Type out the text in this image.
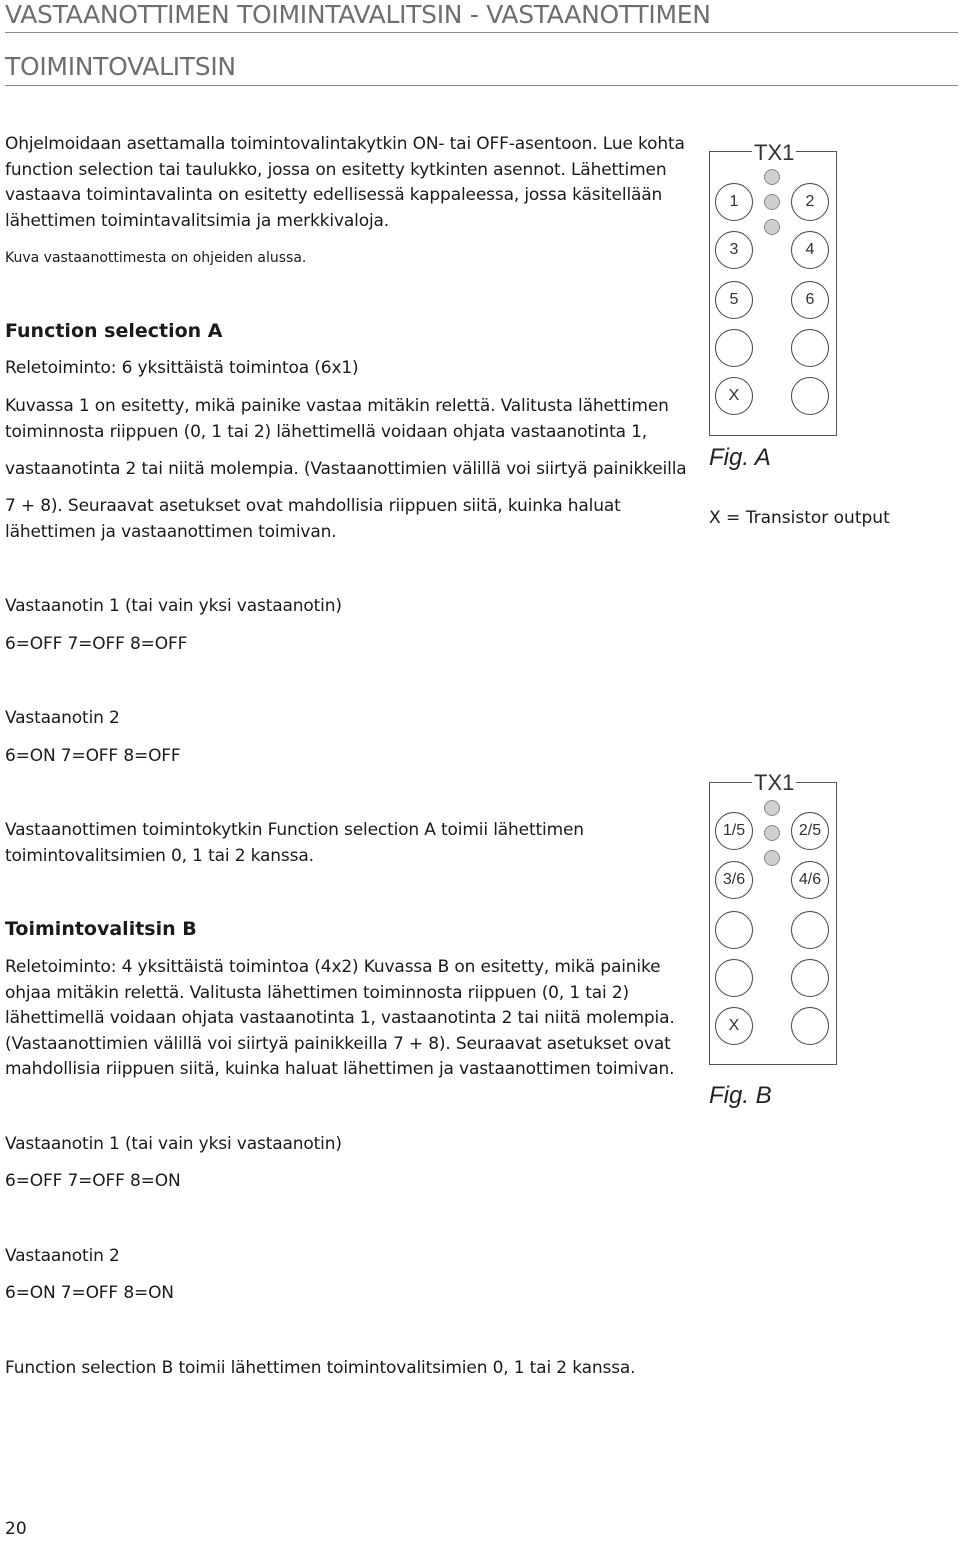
VASTAANOTTIMEN TOIMINTAVALITSIN - VASTAANOTTIMEN
TOIMINTOVALITSIN
Ohjelmoidaan asettamalla toimintovalintakytkin ON- tai OFF-asentoon. Lue kohta
function selection tai taulukko, jossa on esitetty kytkinten asennot. Lähettimen
vastaava toimintavalinta on esitetty edellisessä kappaleessa, jossa käsitellään
lähettimen toimintavalitsimia ja merkkivaloja.
Kuva vastaanottimesta on ohjeiden alussa.
Function selection A
Reletoiminto: 6 yksittäistä toimintoa (6x1)
Kuvassa 1 on esitetty, mikä painike vastaa mitäkin relettä. Valitusta lähettimen
toiminnosta riippuen (0, 1 tai 2) lähettimellä voidaan ohjata vastaanotinta 1,
vastaanotinta 2 tai niitä molempia. (Vastaanottimien välillä voi siirtyä painikkeilla
7 + 8). Seuraavat asetukset ovat mahdollisia riippuen siitä, kuinka haluat
lähettimen ja vastaanottimen toimivan.
Vastaanotin 1 (tai vain yksi vastaanotin)
6=OFF 7=OFF 8=OFF
Vastaanotin 2
6=ON 7=OFF 8=OFF
Vastaanottimen toimintokytkin Function selection A toimii lähettimen
toimintovalitsimien 0, 1 tai 2 kanssa.
Toimintovalitsin B
Reletoiminto: 4 yksittäistä toimintoa (4x2) Kuvassa B on esitetty, mikä painike
ohjaa mitäkin relettä. Valitusta lähettimen toiminnosta riippuen (0, 1 tai 2)
lähettimellä voidaan ohjata vastaanotinta 1, vastaanotinta 2 tai niitä molempia.
(Vastaanottimien välillä voi siirtyä painikkeilla 7 + 8). Seuraavat asetukset ovat
mahdollisia riippuen siitä, kuinka haluat lähettimen ja vastaanottimen toimivan.
Vastaanotin 1 (tai vain yksi vastaanotin)
6=OFF 7=OFF 8=ON
Vastaanotin 2
6=ON 7=OFF 8=ON
Function selection B toimii lähettimen toimintovalitsimien 0, 1 tai 2 kanssa.
TX1
1	2
3	4
5	6
X
Fig. A
X = Transistor output
TX1
1/5	2/5
3/6	4/6
X
Fig. B
20
